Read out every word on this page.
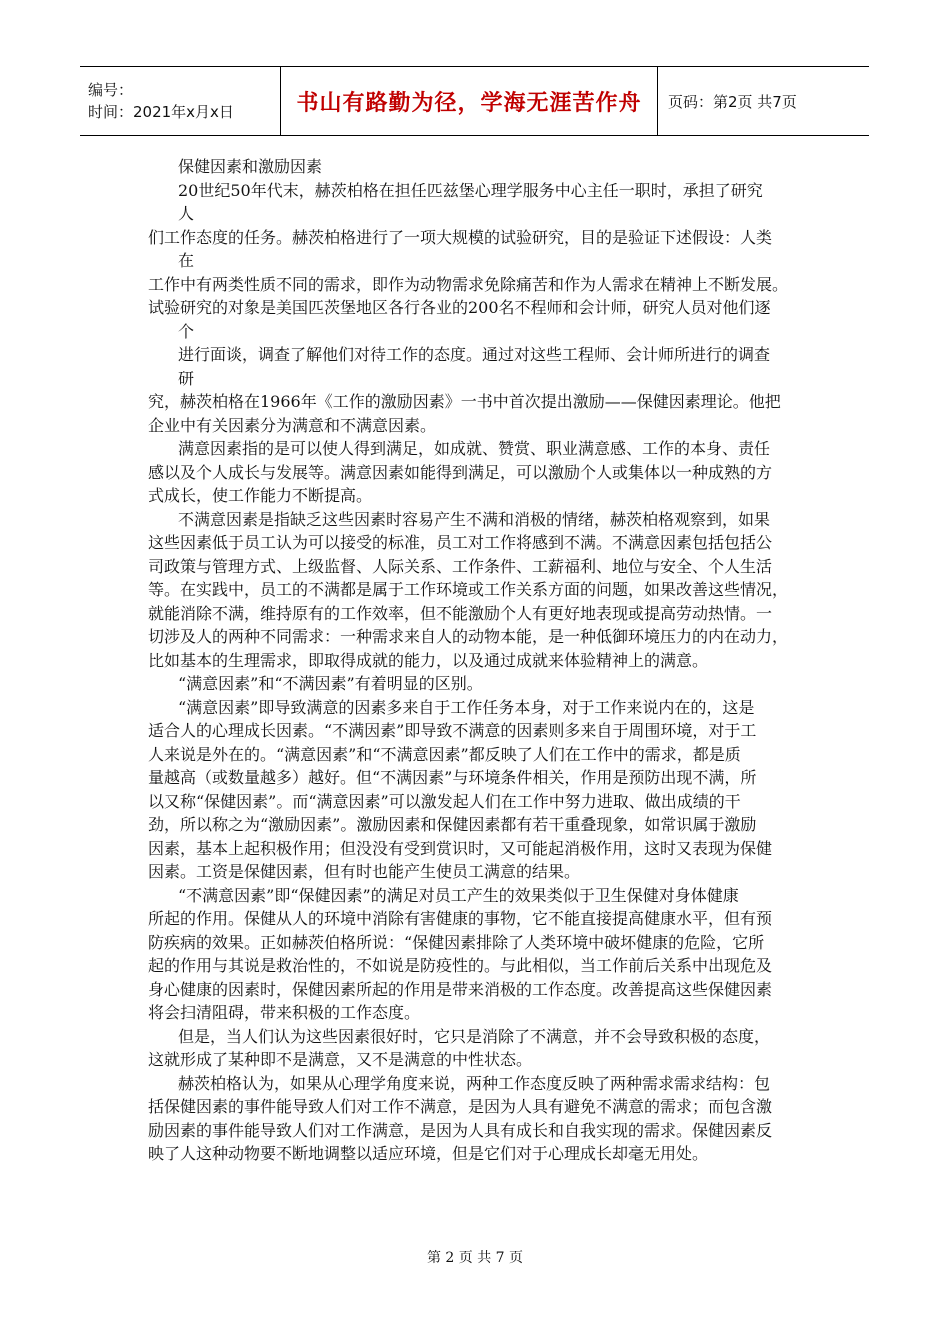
编号：
时间：2021年x月x日	书山有路勤为径，学海无涯苦作舟 页码：第2页 共7页
保健因素和激励因素
20世纪50年代末，赫茨柏格在担任匹兹堡心理学服务中心主任一职时，承担了研究
人
们工作态度的任务。赫茨柏格进行了一项大规模的试验研究，目的是验证下述假设：人类
在
工作中有两类性质不同的需求，即作为动物需求免除痛苦和作为人需求在精神上不断发展。
试验研究的对象是美国匹茨堡地区各行各业的200名不程师和会计师，研究人员对他们逐
个
进行面谈，调查了解他们对待工作的态度。通过对这些工程师、会计师所进行的调查
研
究，赫茨柏格在1966年《工作的激励因素》一书中首次提出激励——保健因素理论。他把
企业中有关因素分为满意和不满意因素。
满意因素指的是可以使人得到满足，如成就、赞赏、职业满意感、工作的本身、责任
感以及个人成长与发展等。满意因素如能得到满足，可以激励个人或集体以一种成熟的方
式成长，使工作能力不断提高。
不满意因素是指缺乏这些因素时容易产生不满和消极的情绪，赫茨柏格观察到，如果
这些因素低于员工认为可以接受的标准，员工对工作将感到不满。不满意因素包括包括公
司政策与管理方式、上级监督、人际关系、工作条件、工薪福利、地位与安全、个人生活
等。在实践中，员工的不满都是属于工作环境或工作关系方面的问题，如果改善这些情况，
就能消除不满，维持原有的工作效率，但不能激励个人有更好地表现或提高劳动热情。一
切涉及人的两种不同需求：一种需求来自人的动物本能，是一种低御环境压力的内在动力，
比如基本的生理需求，即取得成就的能力，以及通过成就来体验精神上的满意。
“满意因素”和“不满因素”有着明显的区别。
“满意因素”即导致满意的因素多来自于工作任务本身，对于工作来说内在的，这是
适合人的心理成长因素。“不满因素”即导致不满意的因素则多来自于周围环境，对于工
人来说是外在的。“满意因素”和“不满意因素”都反映了人们在工作中的需求，都是质
量越高（或数量越多）越好。但“不满因素”与环境条件相关，作用是预防出现不满，所
以又称“保健因素”。而“满意因素”可以激发起人们在工作中努力进取、做出成绩的干
劲，所以称之为“激励因素”。激励因素和保健因素都有若干重叠现象，如常识属于激励
因素，基本上起积极作用；但没没有受到赏识时，又可能起消极作用，这时又表现为保健
因素。工资是保健因素，但有时也能产生使员工满意的结果。
“不满意因素”即“保健因素”的满足对员工产生的效果类似于卫生保健对身体健康
所起的作用。保健从人的环境中消除有害健康的事物，它不能直接提高健康水平，但有预
防疾病的效果。正如赫茨伯格所说：“保健因素排除了人类环境中破坏健康的危险，它所
起的作用与其说是救治性的，不如说是防疫性的。与此相似，当工作前后关系中出现危及
身心健康的因素时，保健因素所起的作用是带来消极的工作态度。改善提高这些保健因素
将会扫清阻碍，带来积极的工作态度。
但是，当人们认为这些因素很好时，它只是消除了不满意，并不会导致积极的态度，
这就形成了某种即不是满意，又不是满意的中性状态。
赫茨柏格认为，如果从心理学角度来说，两种工作态度反映了两种需求需求结构：包
括保健因素的事件能导致人们对工作不满意，是因为人具有避免不满意的需求；而包含激
励因素的事件能导致人们对工作满意，是因为人具有成长和自我实现的需求。保健因素反
映了人这种动物要不断地调整以适应环境，但是它们对于心理成长却毫无用处。
第 2 页 共 7 页
